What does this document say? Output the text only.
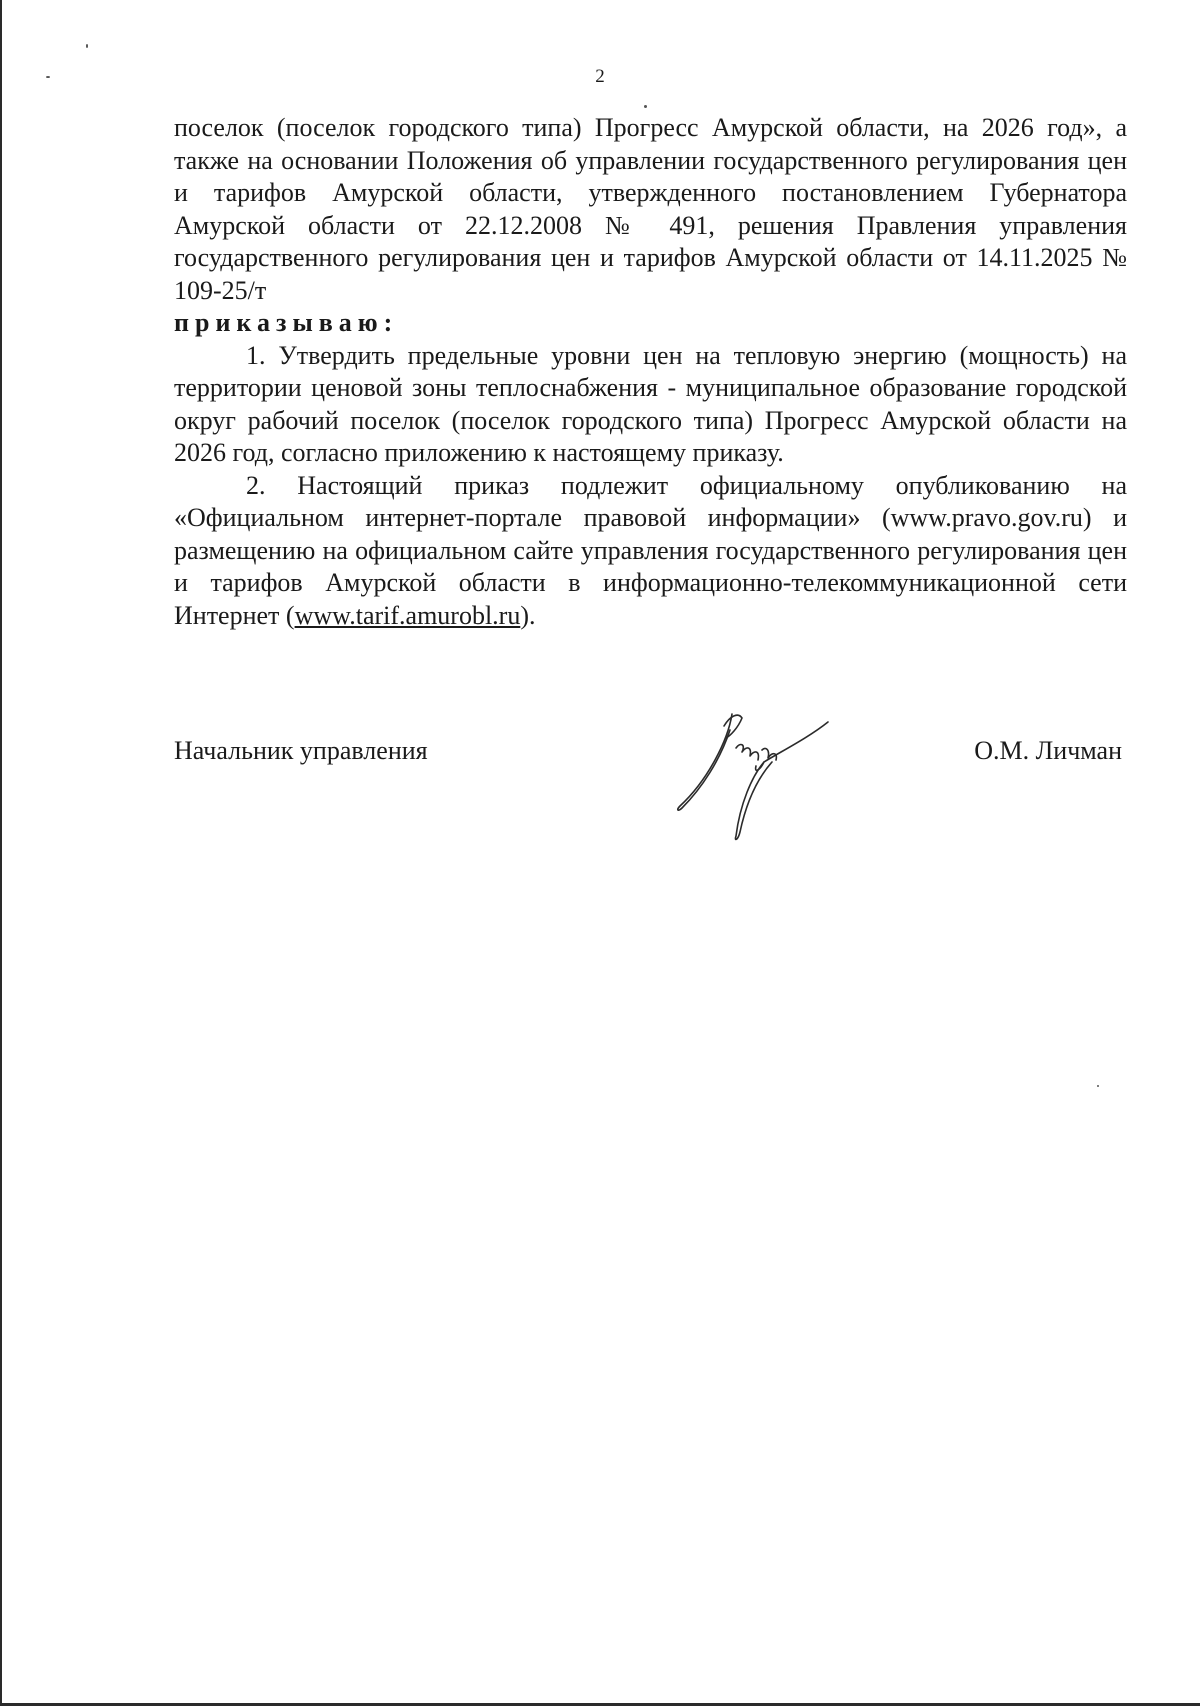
2

поселок (поселок городского типа) Прогресс Амурской области, на 2026 год», а также на основании Положения об управлении государственного регулирования цен и тарифов Амурской области, утвержденного постановлением Губернатора Амурской области от 22.12.2008 № 491, решения Правления управления государственного регулирования цен и тарифов Амурской области от 14.11.2025 № 109-25/т

приказываю:

1. Утвердить предельные уровни цен на тепловую энергию (мощность) на территории ценовой зоны теплоснабжения - муниципальное образование городской округ рабочий поселок (поселок городского типа) Прогресс Амурской области на 2026 год, согласно приложению к настоящему приказу.

2. Настоящий приказ подлежит официальному опубликованию на «Официальном интернет-портале правовой информации» (www.pravo.gov.ru) и размещению на официальном сайте управления государственного регулирования цен и тарифов Амурской области в информационно-телекоммуникационной сети Интернет (www.tarif.amurobl.ru).

Начальник управления	О.М. Личман
